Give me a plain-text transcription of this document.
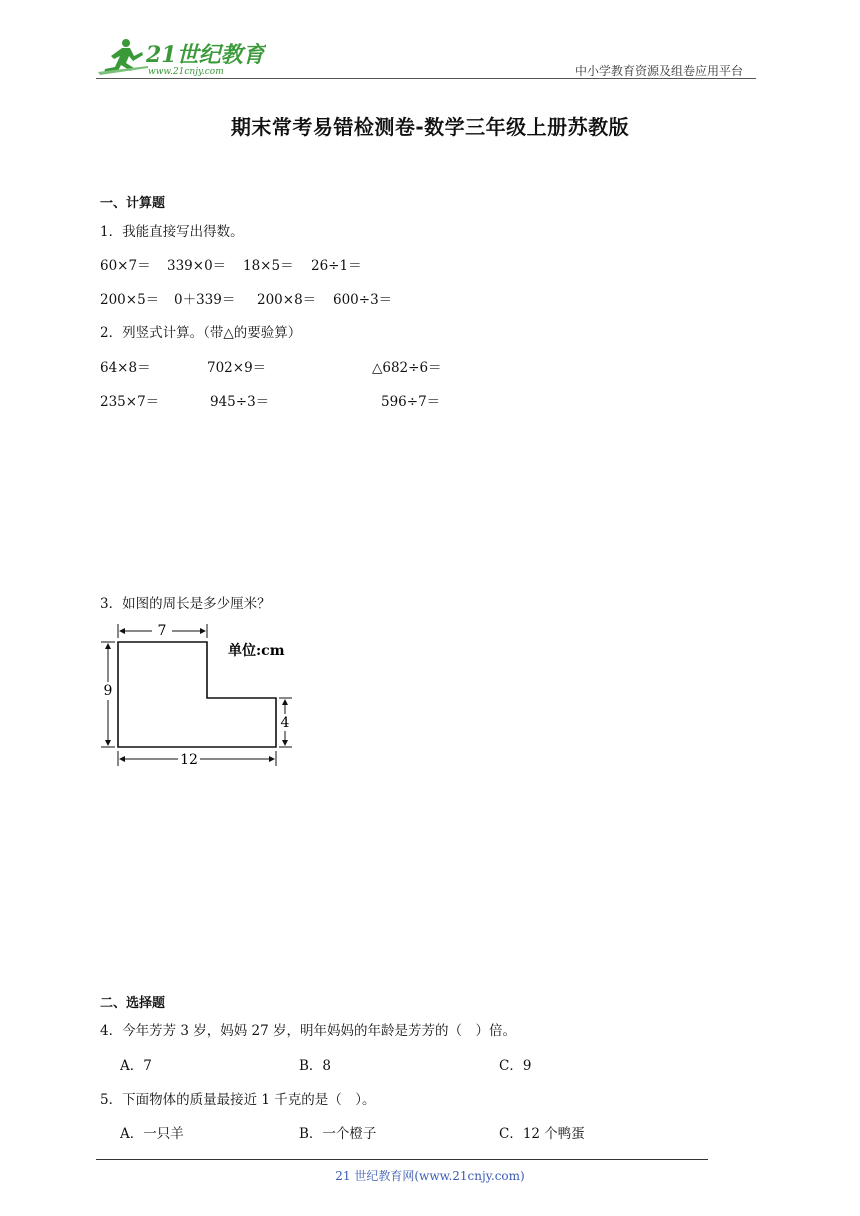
21世纪教育
www.21cnjy.com	中小学教育资源及组卷应用平台
期末常考易错检测卷-数学三年级上册苏教版
一、计算题
1．我能直接写出得数。
60×7＝ 339×0＝ 18×5＝ 26÷1＝
200×5＝ 0＋339＝ 200×8＝ 600÷3＝
2．列竖式计算。（带△的要验算）
64×8＝	702×9＝	△682÷6＝
235×7＝	945÷3＝	596÷7＝
3．如图的周长是多少厘米？
7
9
4
12
单位:cm
二、选择题
4．今年芳芳 3 岁，妈妈 27 岁，明年妈妈的年龄是芳芳的（　）倍。
A．7	B．8	C．9
5．下面物体的质量最接近 1 千克的是（　）。
A．一只羊	B．一个橙子	C．12 个鸭蛋
21 世纪教育网(www.21cnjy.com)
